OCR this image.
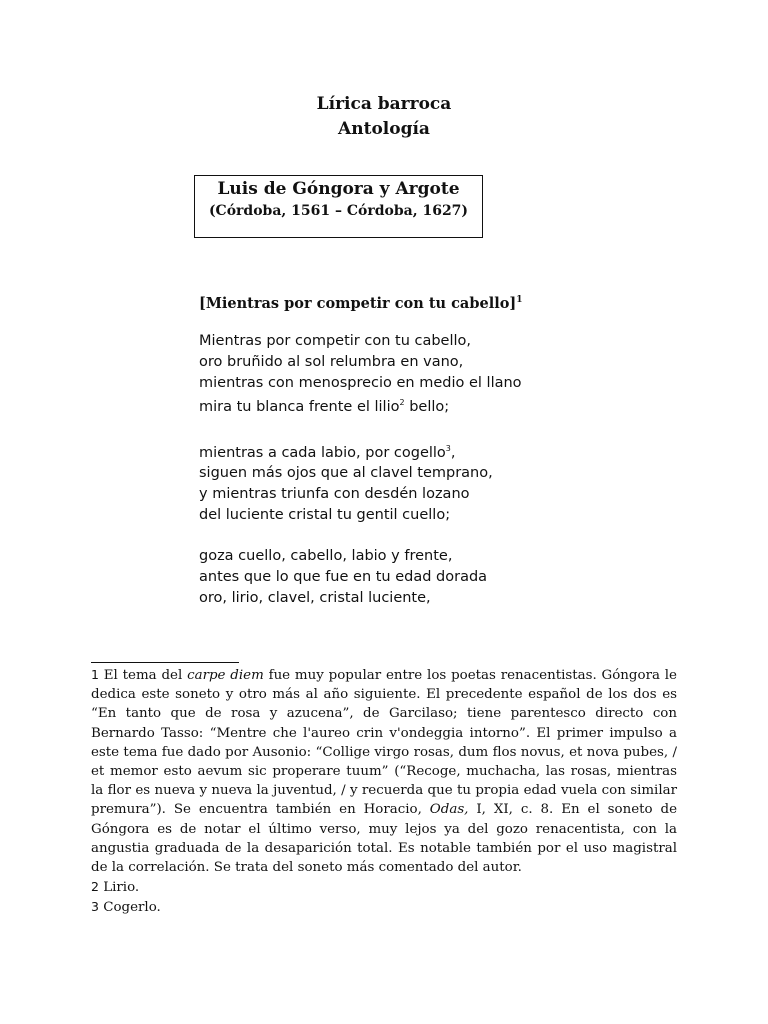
Lírica barroca
Antología
Luis de Góngora y Argote
(Córdoba, 1561 – Córdoba, 1627)
[Mientras por competir con tu cabello]$^1$
Mientras por competir con tu cabello,
oro bruñido al sol relumbra en vano,
mientras con menosprecio en medio el llano
mira tu blanca frente el lilio$^2$ bello;
mientras a cada labio, por cogello$^3$,
siguen más ojos que al clavel temprano,
y mientras triunfa con desdén lozano
del luciente cristal tu gentil cuello;
goza cuello, cabello, labio y frente,
antes que lo que fue en tu edad dorada
oro, lirio, clavel, cristal luciente,

1 El tema del carpe diem fue muy popular entre los poetas renacentistas. Góngora le dedica este soneto y otro más al año siguiente. El precedente español de los dos es “En tanto que de rosa y azucena”, de Garcilaso; tiene parentesco directo con Bernardo Tasso: “Mentre che l'aureo crin v'ondeggia intorno”. El primer impulso a este tema fue dado por Ausonio: “Collige virgo rosas, dum flos novus, et nova pubes, / et memor esto aevum sic properare tuum” (“Recoge, muchacha, las rosas, mientras la flor es nueva y nueva la juventud, / y recuerda que tu propia edad vuela con similar premura”). Se encuentra también en Horacio, Odas, I, XI, c. 8. En el soneto de Góngora es de notar el último verso, muy lejos ya del gozo renacentista, con la angustia graduada de la desaparición total. Es notable también por el uso magistral de la correlación. Se trata del soneto más comentado del autor.

2 Lirio.

3 Cogerlo.
